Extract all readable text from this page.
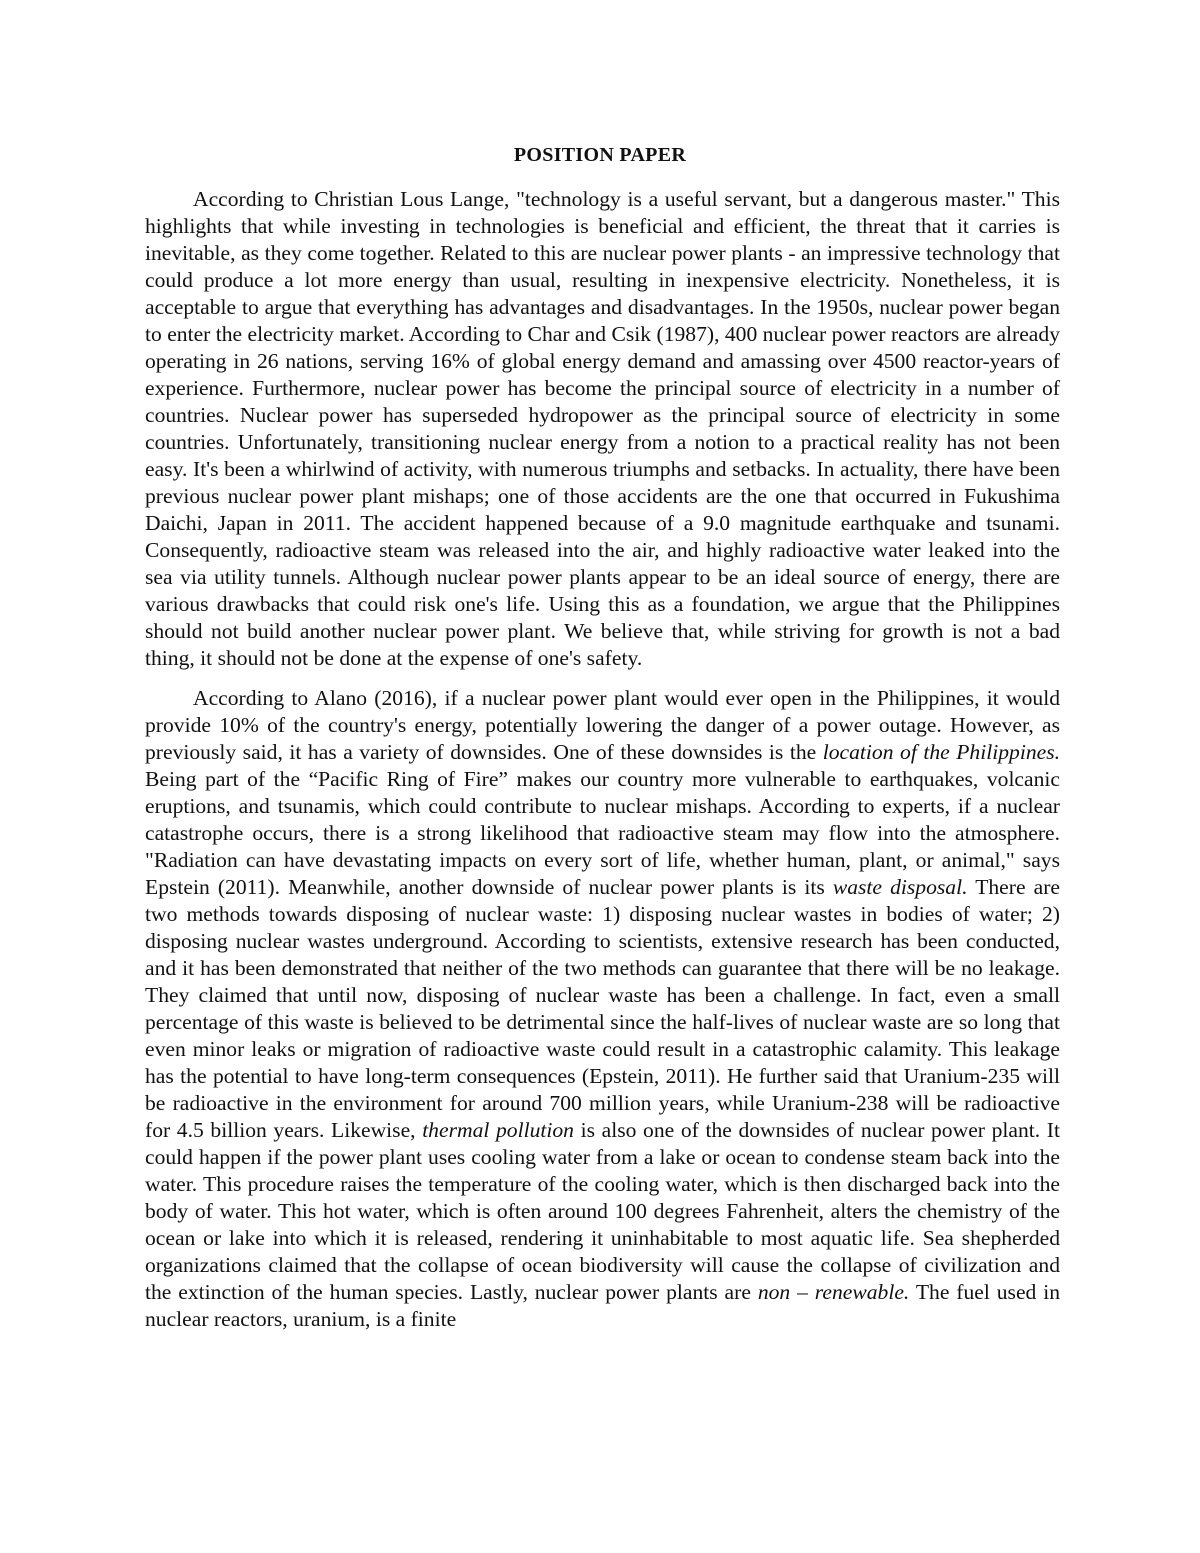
POSITION PAPER

According to Christian Lous Lange, "technology is a useful servant, but a dangerous master." This highlights that while investing in technologies is beneficial and efficient, the threat that it carries is inevitable, as they come together. Related to this are nuclear power plants - an impressive technology that could produce a lot more energy than usual, resulting in inexpensive electricity. Nonetheless, it is acceptable to argue that everything has advantages and disadvantages. In the 1950s, nuclear power began to enter the electricity market. According to Char and Csik (1987), 400 nuclear power reactors are already operating in 26 nations, serving 16% of global energy demand and amassing over 4500 reactor-years of experience. Furthermore, nuclear power has become the principal source of electricity in a number of countries. Nuclear power has superseded hydropower as the principal source of electricity in some countries. Unfortunately, transitioning nuclear energy from a notion to a practical reality has not been easy. It's been a whirlwind of activity, with numerous triumphs and setbacks. In actuality, there have been previous nuclear power plant mishaps; one of those accidents are the one that occurred in Fukushima Daichi, Japan in 2011. The accident happened because of a 9.0 magnitude earthquake and tsunami. Consequently, radioactive steam was released into the air, and highly radioactive water leaked into the sea via utility tunnels. Although nuclear power plants appear to be an ideal source of energy, there are various drawbacks that could risk one's life. Using this as a foundation, we argue that the Philippines should not build another nuclear power plant. We believe that, while striving for growth is not a bad thing, it should not be done at the expense of one's safety.

According to Alano (2016), if a nuclear power plant would ever open in the Philippines, it would provide 10% of the country's energy, potentially lowering the danger of a power outage. However, as previously said, it has a variety of downsides. One of these downsides is the location of the Philippines. Being part of the “Pacific Ring of Fire” makes our country more vulnerable to earthquakes, volcanic eruptions, and tsunamis, which could contribute to nuclear mishaps. According to experts, if a nuclear catastrophe occurs, there is a strong likelihood that radioactive steam may flow into the atmosphere. "Radiation can have devastating impacts on every sort of life, whether human, plant, or animal," says Epstein (2011). Meanwhile, another downside of nuclear power plants is its waste disposal. There are two methods towards disposing of nuclear waste: 1) disposing nuclear wastes in bodies of water; 2) disposing nuclear wastes underground. According to scientists, extensive research has been conducted, and it has been demonstrated that neither of the two methods can guarantee that there will be no leakage. They claimed that until now, disposing of nuclear waste has been a challenge. In fact, even a small percentage of this waste is believed to be detrimental since the half-lives of nuclear waste are so long that even minor leaks or migration of radioactive waste could result in a catastrophic calamity. This leakage has the potential to have long-term consequences (Epstein, 2011). He further said that Uranium-235 will be radioactive in the environment for around 700 million years, while Uranium-238 will be radioactive for 4.5 billion years. Likewise, thermal pollution is also one of the downsides of nuclear power plant. It could happen if the power plant uses cooling water from a lake or ocean to condense steam back into the water. This procedure raises the temperature of the cooling water, which is then discharged back into the body of water. This hot water, which is often around 100 degrees Fahrenheit, alters the chemistry of the ocean or lake into which it is released, rendering it uninhabitable to most aquatic life. Sea shepherded organizations claimed that the collapse of ocean biodiversity will cause the collapse of civilization and the extinction of the human species. Lastly, nuclear power plants are non – renewable. The fuel used in nuclear reactors, uranium, is a finite
